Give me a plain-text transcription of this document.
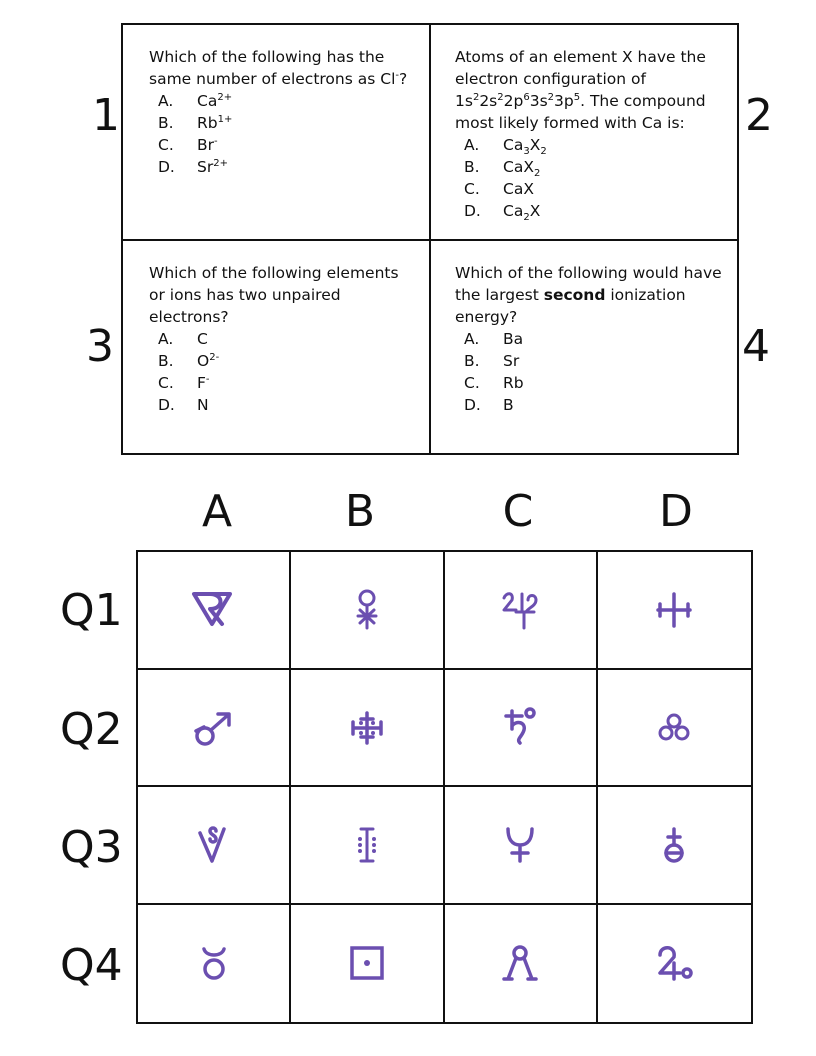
Which of the following has the same number of electrons as Cl-?
A.	$Ca^{2+}$
B.	$Rb^{1+}$
C.	Br-
D.	$Sr^{2+}$
Atoms of an element X have the electron configuration of $1s^22s^22p^63s^23p^5$. The compound most likely formed with Ca is:
A.	$Ca_3X_2$
B.	CaX$_2$
C.	CaX
D.	$Ca_2X$
Which of the following elements or ions has two unpaired electrons?
A.	C
B.	$O^{2-}$
C.	F-
D.	N
Which of the following would have the largest second ionization energy?
A.	Ba
B.	Sr
C.	Rb
D.	B
1	2
3	4
A	B	C	D
Q1
Q2
Q3
Q4
